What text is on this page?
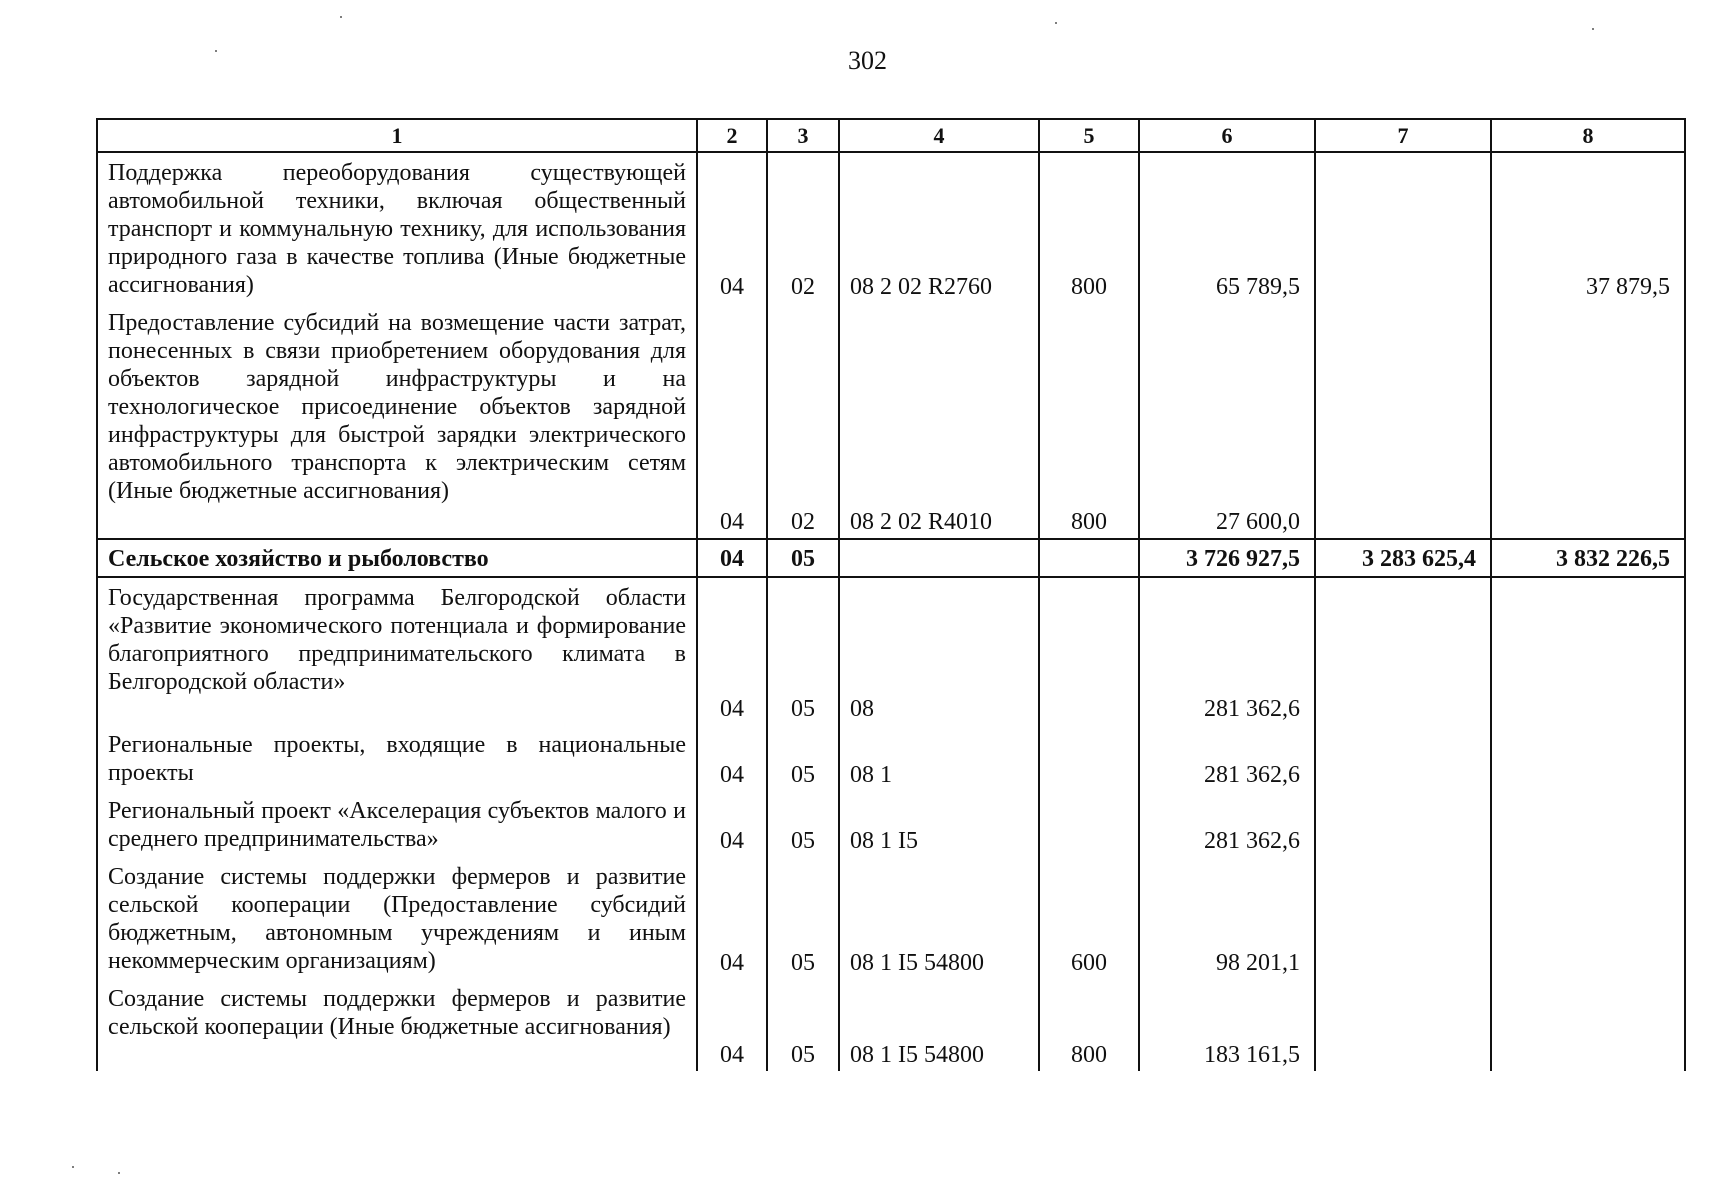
302
1	2	3	4	5	6	7	8
Поддержка переоборудования существующей автомобильной техники, включая общественный транспорт и коммунальную технику, для использования природного газа в качестве топлива (Иные бюджетные ассигнования)	04	02	08 2 02 R2760	800	65 789,5		37 879,5
Предоставление субсидий на возмещение части затрат, понесенных в связи приобретением оборудования для объектов зарядной инфраструктуры и на технологическое присоединение объектов зарядной инфраструктуры для быстрой зарядки электрического автомобильного транспорта к электрическим сетям (Иные бюджетные ассигнования)	04	02	08 2 02 R4010	800	27 600,0		
Сельское хозяйство и рыболовство	04	05			3 726 927,5	3 283 625,4	3 832 226,5
Государственная программа Белгородской области «Развитие экономического потенциала и формирование благоприятного предпринимательского климата в Белгородской области»	04	05	08		281 362,6		
Региональные проекты, входящие в национальные проекты	04	05	08 1		281 362,6		
Региональный проект «Акселерация субъектов малого и среднего предпринимательства»	04	05	08 1 I5		281 362,6		
Создание системы поддержки фермеров и развитие сельской кооперации (Предоставление субсидий бюджетным, автономным учреждениям и иным некоммерческим организациям)	04	05	08 1 I5 54800	600	98 201,1		
Создание системы поддержки фермеров и развитие сельской кооперации (Иные бюджетные ассигнования)	04	05	08 1 I5 54800	800	183 161,5		
